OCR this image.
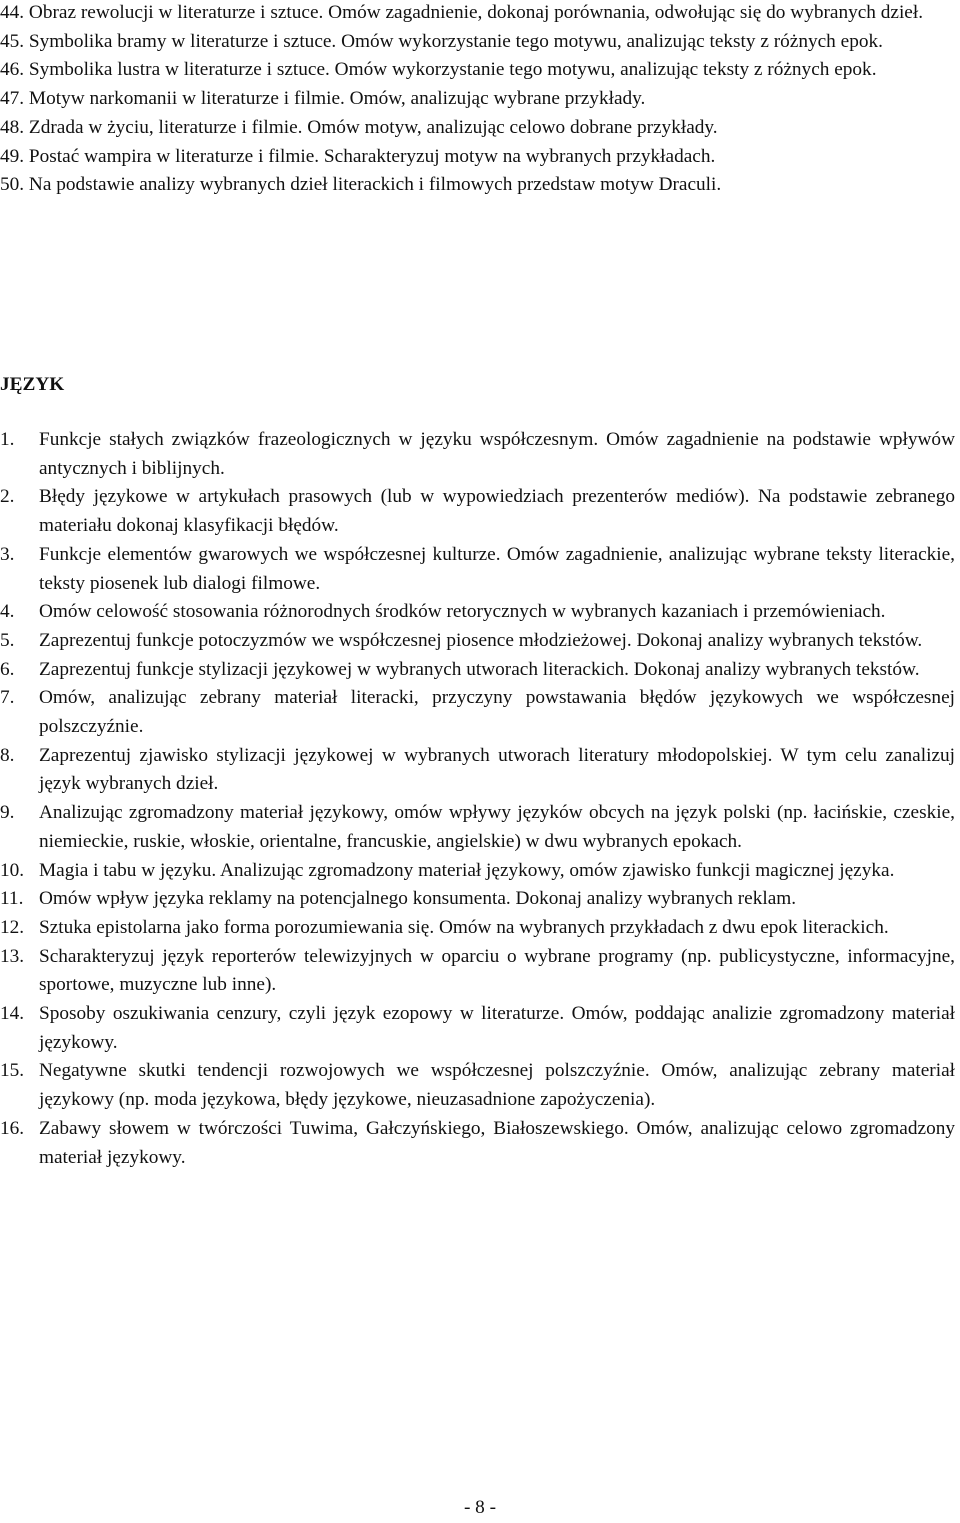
44. Obraz rewolucji w literaturze i sztuce. Omów zagadnienie, dokonaj porównania, odwołując się do wybranych dzieł.
45. Symbolika bramy w literaturze i sztuce. Omów wykorzystanie tego motywu, analizując teksty z różnych epok.
46. Symbolika lustra w literaturze i sztuce. Omów wykorzystanie tego motywu, analizując teksty z różnych epok.
47. Motyw narkomanii w literaturze i filmie. Omów, analizując wybrane przykłady.
48. Zdrada w życiu, literaturze i filmie. Omów motyw, analizując celowo dobrane przykłady.
49. Postać wampira w literaturze i filmie. Scharakteryzuj motyw na wybranych przykładach.
50. Na podstawie analizy wybranych dzieł literackich i filmowych przedstaw motyw Draculi.
JĘZYK
1. Funkcje stałych związków frazeologicznych w języku współczesnym. Omów zagadnienie na podstawie wpływów antycznych i biblijnych.
2. Błędy językowe w artykułach prasowych (lub w wypowiedziach prezenterów mediów). Na podstawie zebranego materiału dokonaj klasyfikacji błędów.
3. Funkcje elementów gwarowych we współczesnej kulturze. Omów zagadnienie, analizując wybrane teksty literackie, teksty piosenek lub dialogi filmowe.
4. Omów celowość stosowania różnorodnych środków retorycznych w wybranych kazaniach i przemówieniach.
5. Zaprezentuj funkcje potoczyzmów we współczesnej piosence młodzieżowej. Dokonaj analizy wybranych tekstów.
6. Zaprezentuj funkcje stylizacji językowej w wybranych utworach literackich. Dokonaj analizy wybranych tekstów.
7. Omów, analizując zebrany materiał literacki, przyczyny powstawania błędów językowych we współczesnej polszczyźnie.
8. Zaprezentuj zjawisko stylizacji językowej w wybranych utworach literatury młodopolskiej. W tym celu zanalizuj język wybranych dzieł.
9. Analizując zgromadzony materiał językowy, omów wpływy języków obcych na język polski (np. łacińskie, czeskie, niemieckie, ruskie, włoskie, orientalne, francuskie, angielskie) w dwu wybranych epokach.
10. Magia i tabu w języku. Analizując zgromadzony materiał językowy, omów zjawisko funkcji magicznej języka.
11. Omów wpływ języka reklamy na potencjalnego konsumenta. Dokonaj analizy wybranych reklam.
12. Sztuka epistolarna jako forma porozumiewania się. Omów na wybranych przykładach z dwu epok literackich.
13. Scharakteryzuj język reporterów telewizyjnych w oparciu o wybrane programy (np. publicystyczne, informacyjne, sportowe, muzyczne lub inne).
14. Sposoby oszukiwania cenzury, czyli język ezopowy w literaturze. Omów, poddając analizie zgromadzony materiał językowy.
15. Negatywne skutki tendencji rozwojowych we współczesnej polszczyźnie. Omów, analizując zebrany materiał językowy (np. moda językowa, błędy językowe, nieuzasadnione zapożyczenia).
16. Zabawy słowem w twórczości Tuwima, Gałczyńskiego, Białoszewskiego. Omów, analizując celowo zgromadzony materiał językowy.
- 8 -
